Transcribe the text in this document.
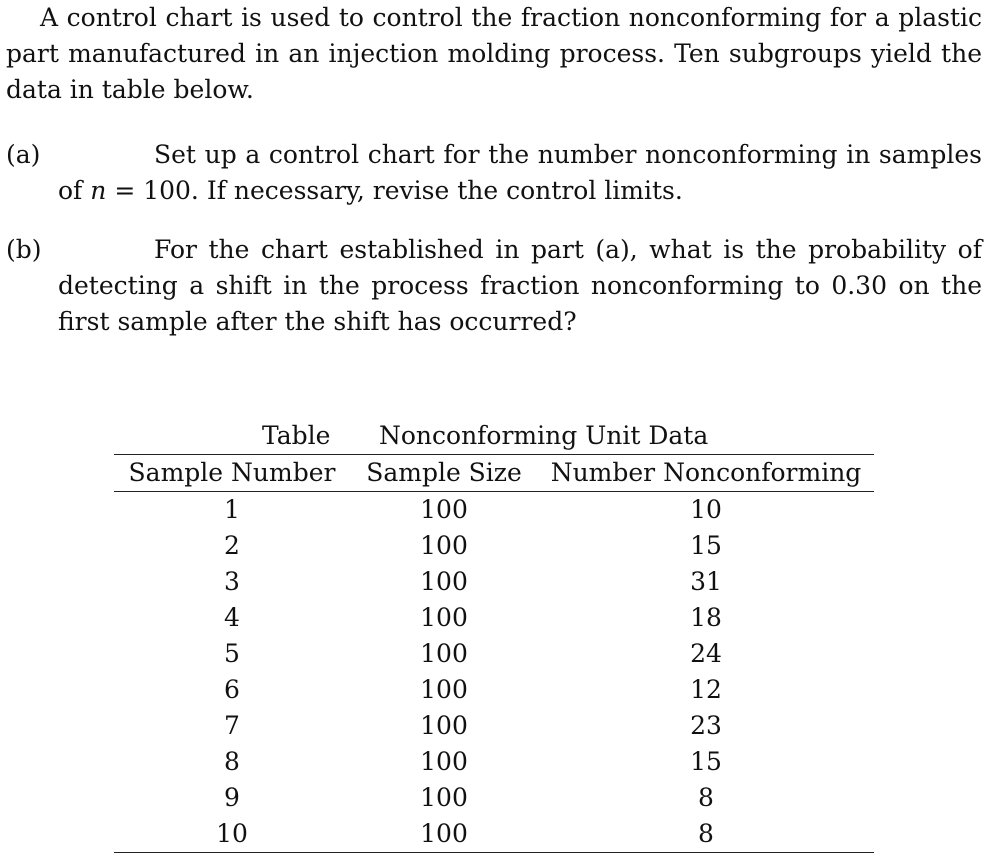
A control chart is used to control the fraction nonconforming for a plastic part manufactured in an injection molding process. Ten subgroups yield the data in table below.

(a)	Set up a control chart for the number nonconforming in samples of n = 100. If necessary, revise the control limits.
(b)	For the chart established in part (a), what is the probability of detecting a shift in the process fraction nonconforming to 0.30 on the first sample after the shift has occurred?
Table Nonconforming Unit Data
Sample Number	Sample Size	Number Nonconforming
1	100	10
2	100	15
3	100	31
4	100	18
5	100	24
6	100	12
7	100	23
8	100	15
9	100	8
10	100	8
